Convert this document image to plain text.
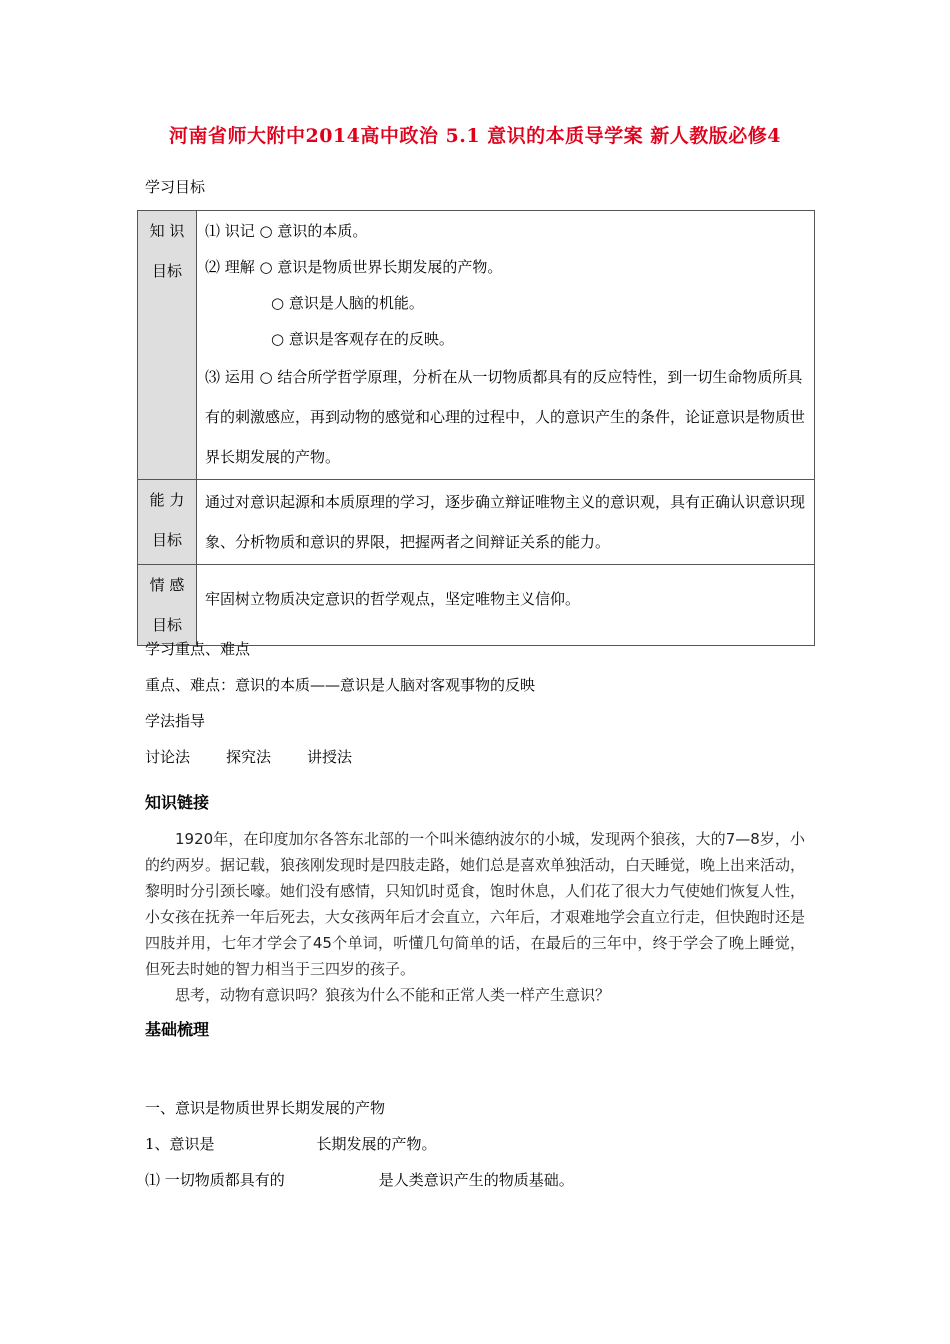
河南省师大附中2014高中政治 5.1 意识的本质导学案 新人教版必修4
学习目标
知 识
目标	⑴ 识记 ○ 意识的本质。
⑵ 理解 ○ 意识是物质世界长期发展的产物。
○ 意识是人脑的机能。
○ 意识是客观存在的反映。
⑶ 运用 ○ 结合所学哲学原理，分析在从一切物质都具有的反应特性，到一切生命物质所具有的刺激感应，再到动物的感觉和心理的过程中，人的意识产生的条件，论证意识是物质世界长期发展的产物。

能 力
目标	通过对意识起源和本质原理的学习，逐步确立辩证唯物主义的意识观，具有正确认识意识现象、分析物质和意识的界限，把握两者之间辩证关系的能力。

情 感
目标	牢固树立物质决定意识的哲学观点，坚定唯物主义信仰。
学习重点、难点
重点、难点：意识的本质——意识是人脑对客观事物的反映
学法指导
讨论法 探究法 讲授法
知识链接

1920年，在印度加尔各答东北部的一个叫米德纳波尔的小城，发现两个狼孩，大的7—8岁，小的约两岁。据记载，狼孩刚发现时是四肢走路，她们总是喜欢单独活动，白天睡觉，晚上出来活动，黎明时分引颈长嚎。她们没有感情，只知饥时觅食，饱时休息，人们花了很大力气使她们恢复人性，小女孩在抚养一年后死去，大女孩两年后才会直立，六年后，才艰难地学会直立行走，但快跑时还是四肢并用，七年才学会了45个单词，听懂几句简单的话，在最后的三年中，终于学会了晚上睡觉，但死去时她的智力相当于三四岁的孩子。

思考，动物有意识吗？狼孩为什么不能和正常人类一样产生意识？

基础梳理
一、意识是物质世界长期发展的产物
1、意识是	长期发展的产物。
⑴ 一切物质都具有的	是人类意识产生的物质基础。
